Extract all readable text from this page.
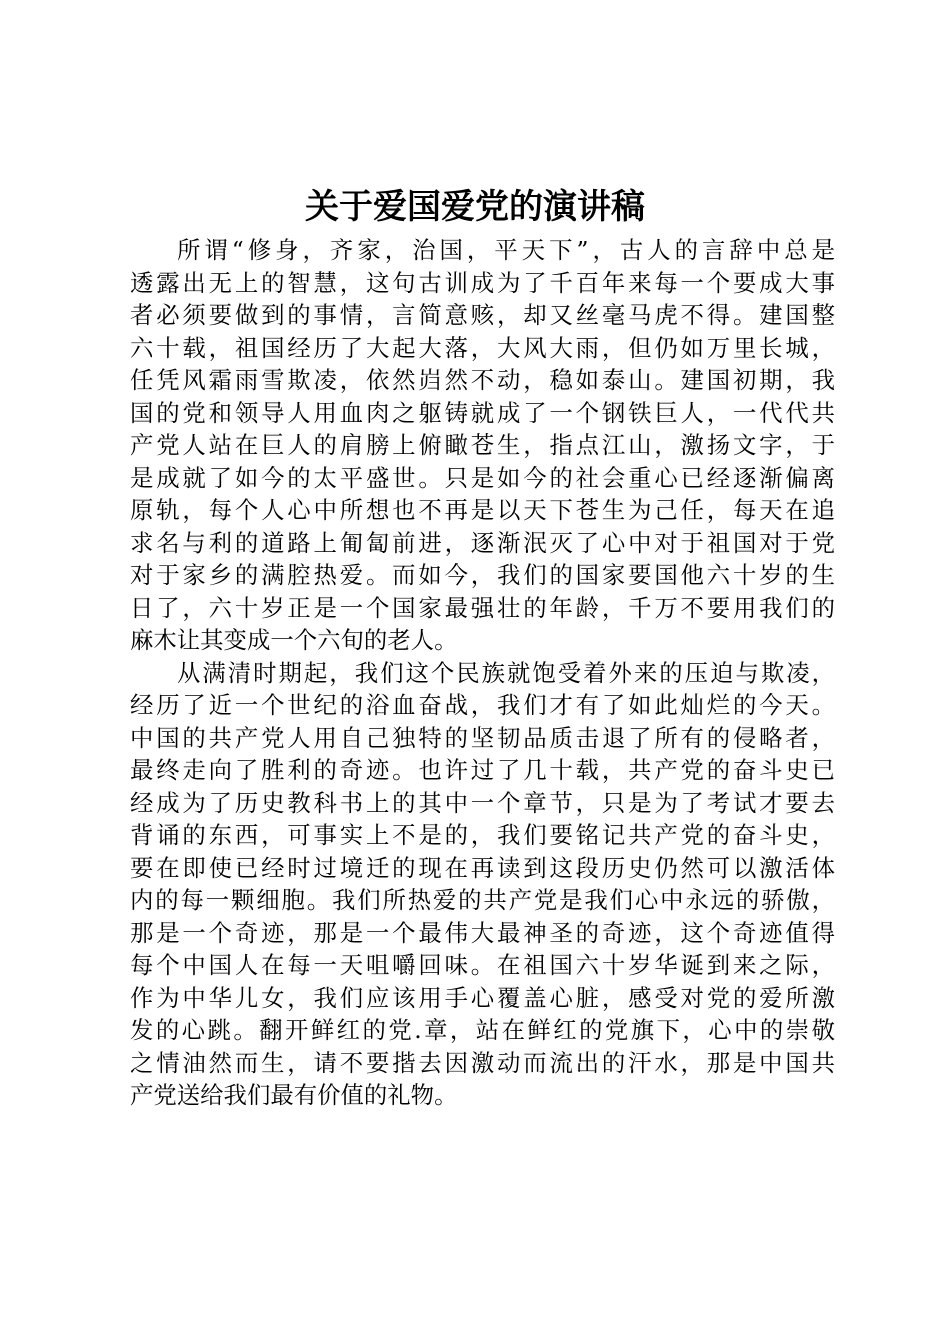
关于爱国爱党的演讲稿
所谓“修身，齐家，治国，平天下”，古人的言辞中总是
透露出无上的智慧，这句古训成为了千百年来每一个要成大事
者必须要做到的事情，言简意赅，却又丝毫马虎不得。建国整
六十载，祖国经历了大起大落，大风大雨，但仍如万里长城，
任凭风霜雨雪欺凌，依然岿然不动，稳如泰山。建国初期，我
国的党和领导人用血肉之躯铸就成了一个钢铁巨人，一代代共
产党人站在巨人的肩膀上俯瞰苍生，指点江山，激扬文字，于
是成就了如今的太平盛世。只是如今的社会重心已经逐渐偏离
原轨，每个人心中所想也不再是以天下苍生为己任，每天在追
求名与利的道路上匍匐前进，逐渐泯灭了心中对于祖国对于党
对于家乡的满腔热爱。而如今，我们的国家要国他六十岁的生
日了，六十岁正是一个国家最强壮的年龄，千万不要用我们的
麻木让其变成一个六旬的老人。
从满清时期起，我们这个民族就饱受着外来的压迫与欺凌，
经历了近一个世纪的浴血奋战，我们才有了如此灿烂的今天。
中国的共产党人用自己独特的坚韧品质击退了所有的侵略者，
最终走向了胜利的奇迹。也许过了几十载，共产党的奋斗史已
经成为了历史教科书上的其中一个章节，只是为了考试才要去
背诵的东西，可事实上不是的，我们要铭记共产党的奋斗史，
要在即使已经时过境迁的现在再读到这段历史仍然可以激活体
内的每一颗细胞。我们所热爱的共产党是我们心中永远的骄傲，
那是一个奇迹，那是一个最伟大最神圣的奇迹，这个奇迹值得
每个中国人在每一天咀嚼回味。在祖国六十岁华诞到来之际，
作为中华儿女，我们应该用手心覆盖心脏，感受对党的爱所激
发的心跳。翻开鲜红的党.章，站在鲜红的党旗下，心中的崇敬
之情油然而生，请不要揩去因激动而流出的汗水，那是中国共
产党送给我们最有价值的礼物。
